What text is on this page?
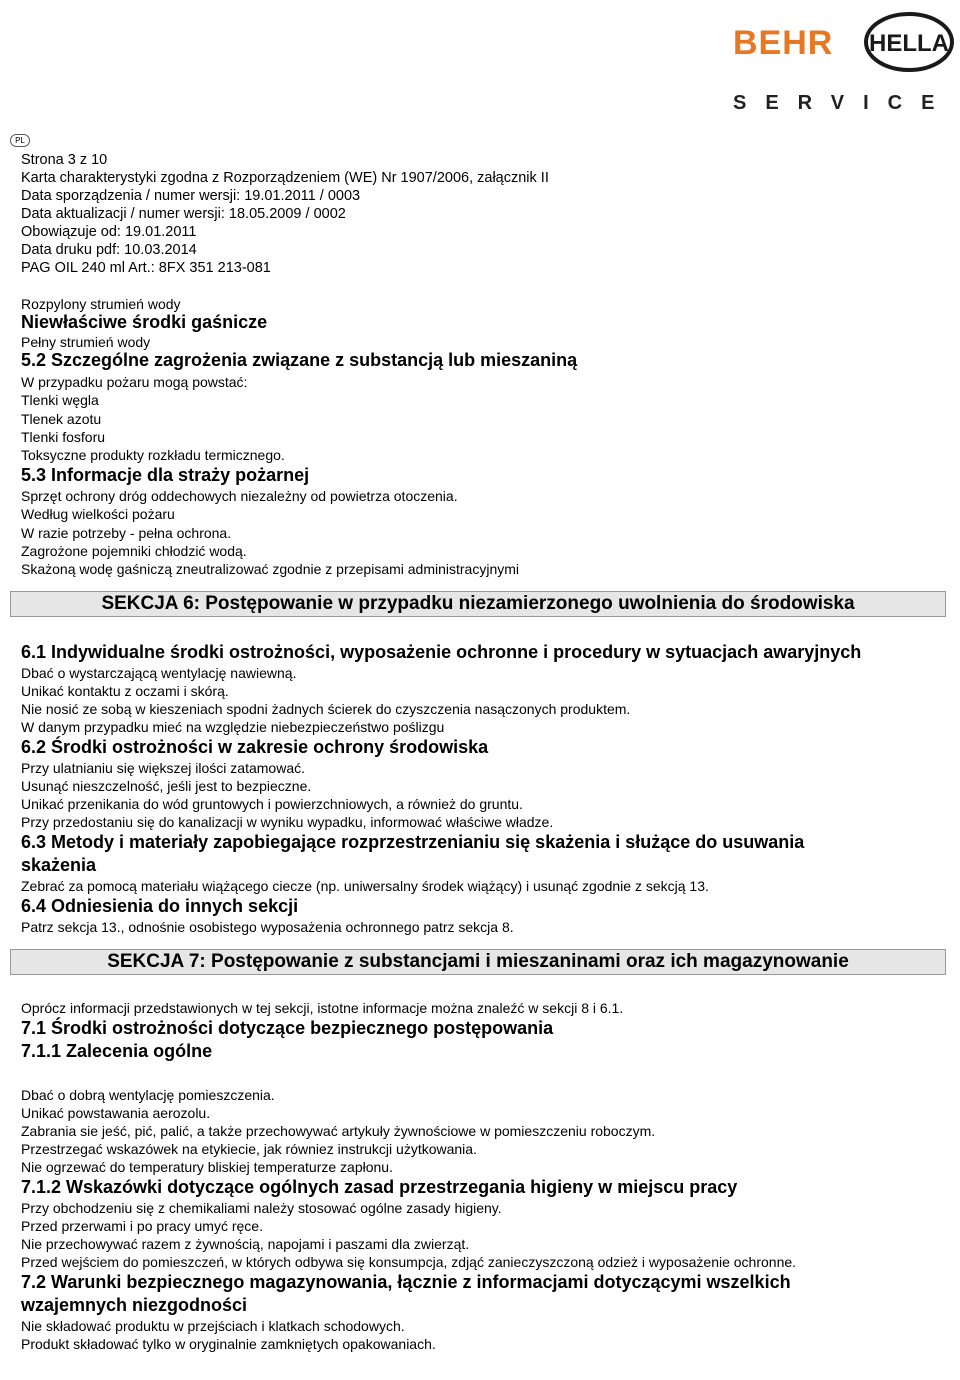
BEHR HELLA
SERVICE
PL
Strona 3 z 10
Karta charakterystyki zgodna z Rozporządzeniem (WE) Nr 1907/2006, załącznik II
Data sporządzenia / numer wersji: 19.01.2011 / 0003
Data aktualizacji / numer wersji: 18.05.2009 / 0002
Obowiązuje od: 19.01.2011
Data druku pdf: 10.03.2014
PAG OIL 240 ml Art.: 8FX 351 213-081
Rozpylony strumień wody
Niewłaściwe środki gaśnicze
Pełny strumień wody
5.2 Szczególne zagrożenia związane z substancją lub mieszaniną
W przypadku pożaru mogą powstać:
Tlenki węgla
Tlenek azotu
Tlenki fosforu
Toksyczne produkty rozkładu termicznego.
5.3 Informacje dla straży pożarnej
Sprzęt ochrony dróg oddechowych niezależny od powietrza otoczenia.
Według wielkości pożaru
W razie potrzeby - pełna ochrona.
Zagrożone pojemniki chłodzić wodą.
Skażoną wodę gaśniczą zneutralizować zgodnie z przepisami administracyjnymi
SEKCJA 6: Postępowanie w przypadku niezamierzonego uwolnienia do środowiska
6.1 Indywidualne środki ostrożności, wyposażenie ochronne i procedury w sytuacjach awaryjnych
Dbać o wystarczającą wentylację nawiewną.
Unikać kontaktu z oczami i skórą.
Nie nosić ze sobą w kieszeniach spodni żadnych ścierek do czyszczenia nasączonych produktem.
W danym przypadku mieć na względzie niebezpieczeństwo poślizgu
6.2 Środki ostrożności w zakresie ochrony środowiska
Przy ulatnianiu się większej ilości zatamować.
Usunąć nieszczelność, jeśli jest to bezpieczne.
Unikać przenikania do wód gruntowych i powierzchniowych, a również do gruntu.
Przy przedostaniu się do kanalizacji w wyniku wypadku, informować właściwe władze.
6.3 Metody i materiały zapobiegające rozprzestrzenianiu się skażenia i służące do usuwania
skażenia
Zebrać za pomocą materiału wiążącego ciecze (np. uniwersalny środek wiążący) i usunąć zgodnie z sekcją 13.
6.4 Odniesienia do innych sekcji
Patrz sekcja 13., odnośnie osobistego wyposażenia ochronnego patrz sekcja 8.
SEKCJA 7: Postępowanie z substancjami i mieszaninami oraz ich magazynowanie
Oprócz informacji przedstawionych w tej sekcji, istotne informacje można znaleźć w sekcji 8 i 6.1.
7.1 Środki ostrożności dotyczące bezpiecznego postępowania
7.1.1 Zalecenia ogólne
Dbać o dobrą wentylację pomieszczenia.
Unikać powstawania aerozolu.
Zabrania sie jeść, pić, palić, a także przechowywać artykuły żywnościowe w pomieszczeniu roboczym.
Przestrzegać wskazówek na etykiecie, jak równiez instrukcji użytkowania.
Nie ogrzewać do temperatury bliskiej temperaturze zapłonu.
7.1.2 Wskazówki dotyczące ogólnych zasad przestrzegania higieny w miejscu pracy
Przy obchodzeniu się z chemikaliami należy stosować ogólne zasady higieny.
Przed przerwami i po pracy umyć ręce.
Nie przechowywać razem z żywnością, napojami i paszami dla zwierząt.
Przed wejściem do pomieszczeń, w których odbywa się konsumpcja, zdjąć zanieczyszczoną odzież i wyposażenie ochronne.
7.2 Warunki bezpiecznego magazynowania, łącznie z informacjami dotyczącymi wszelkich
wzajemnych niezgodności
Nie składować produktu w przejściach i klatkach schodowych.
Produkt składować tylko w oryginalnie zamkniętych opakowaniach.
